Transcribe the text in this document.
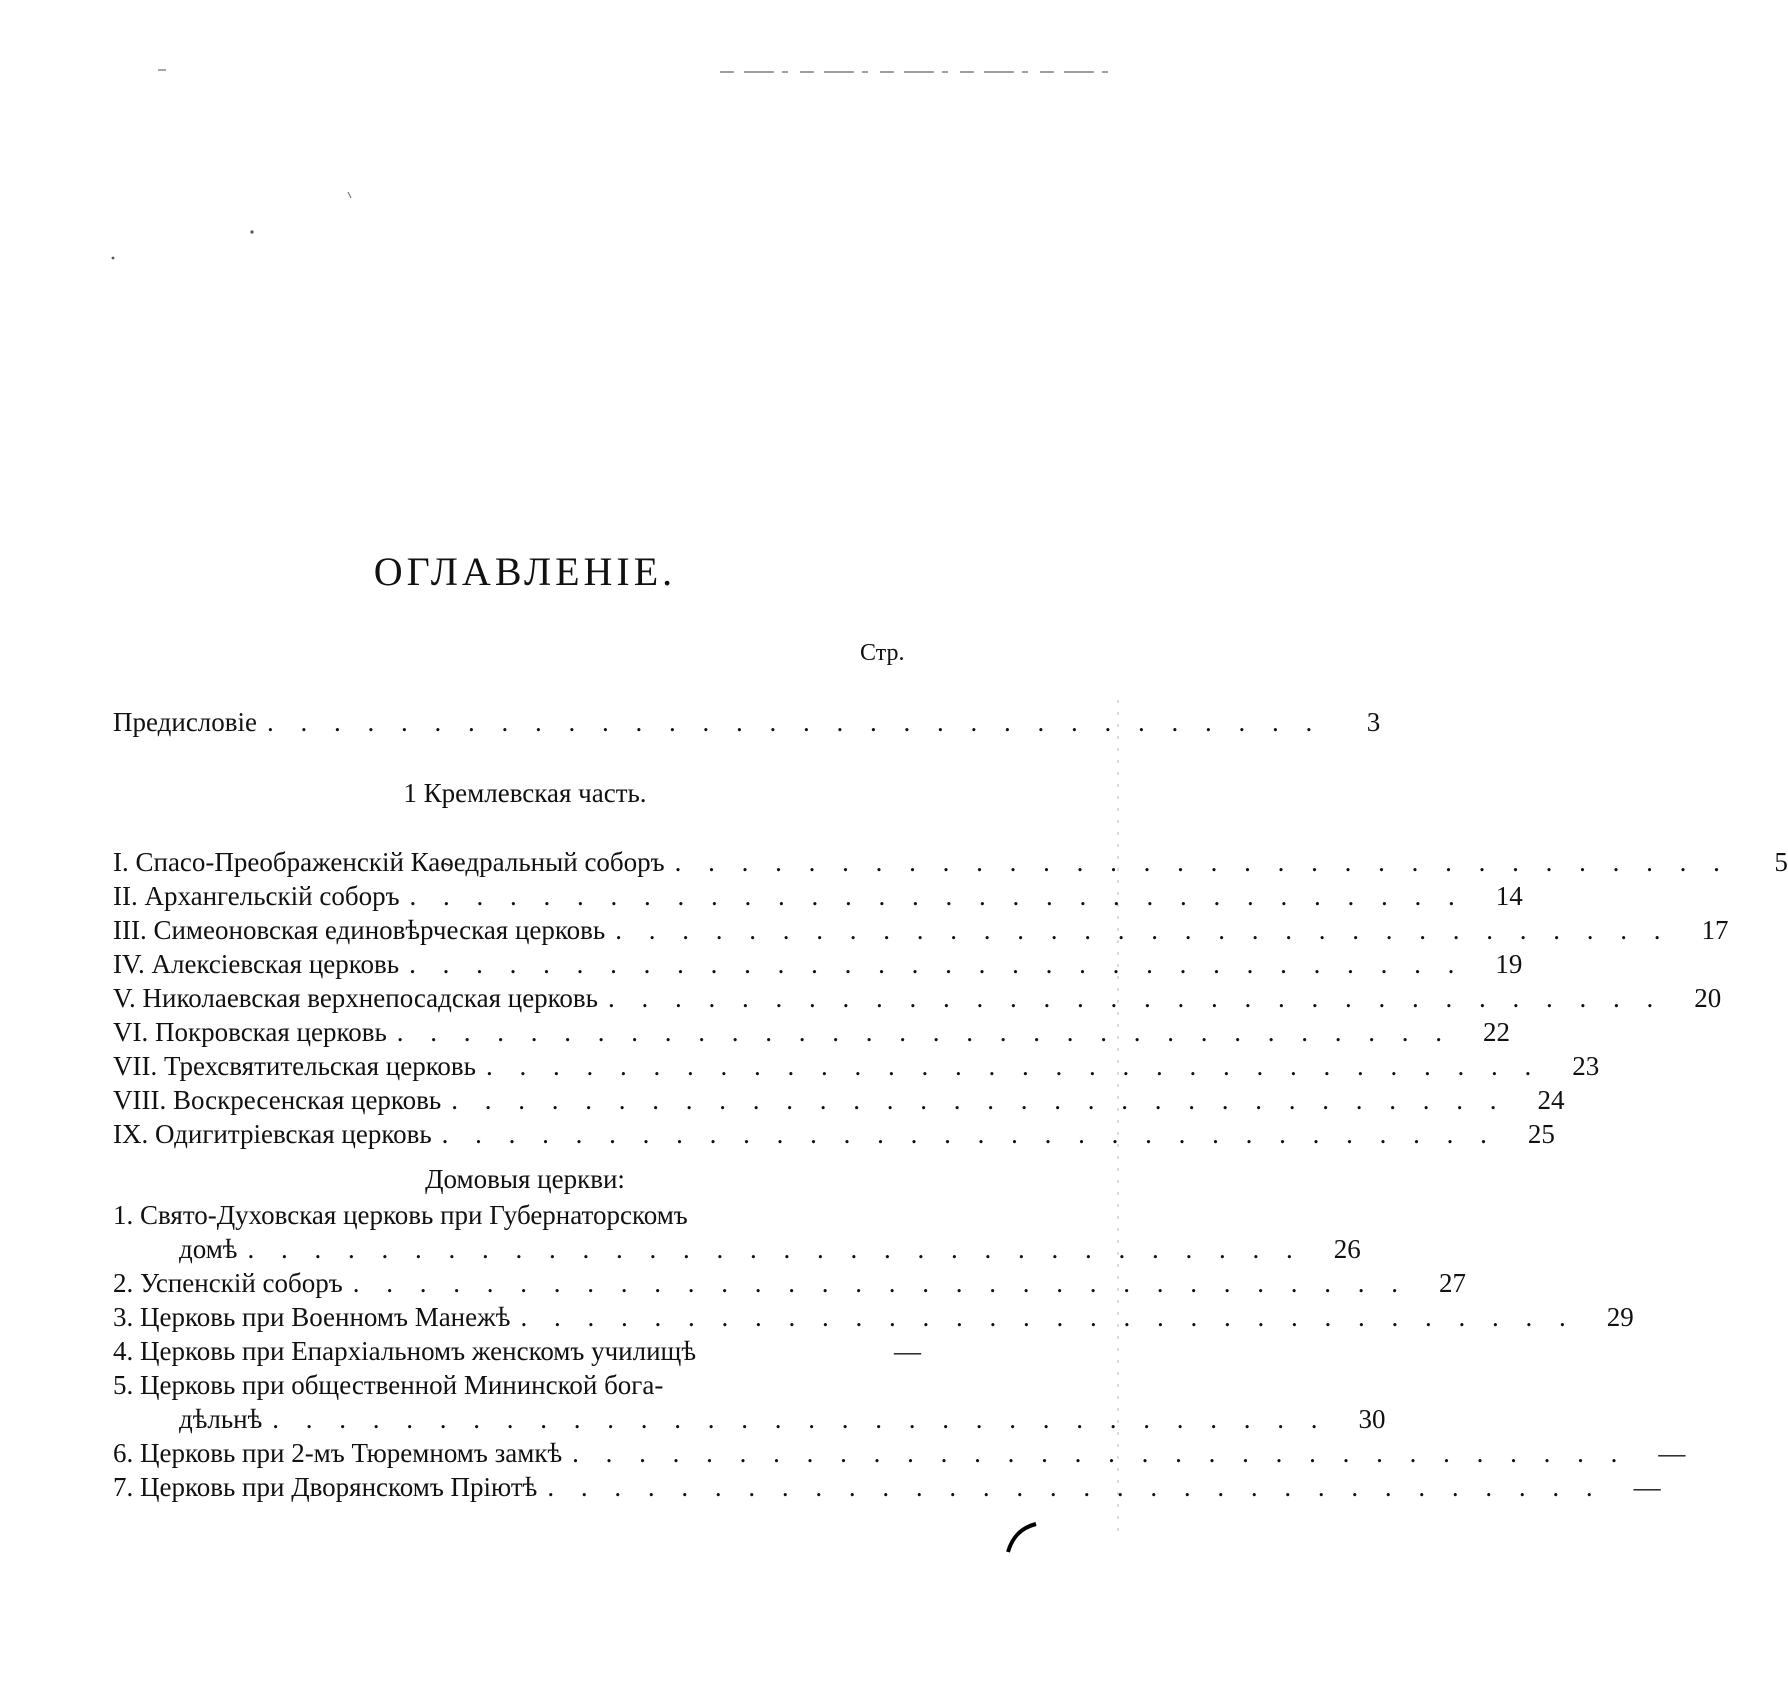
ОГЛАВЛЕНІЕ.
Стр.
Предисловіе . . . . . . . . . . . . . . . . . . . . . . . . . . . . . . . .	3
1 Кремлевская часть.
I. Спасо-Преображенскій Каѳедральный соборъ . . . . . . . . . . . . . . . . . . . . . . . . . . . . . . . .	5
II. Архангельскій соборъ . . . . . . . . . . . . . . . . . . . . . . . . . . . . . . . .	14
III. Симеоновская единовѣрческая церковь . . . . . . . . . . . . . . . . . . . . . . . . . . . . . . . .	17
IV. Алексіевская церковь . . . . . . . . . . . . . . . . . . . . . . . . . . . . . . . .	19
V. Николаевская верхнепосадская церковь . . . . . . . . . . . . . . . . . . . . . . . . . . . . . . . .	20
VI. Покровская церковь . . . . . . . . . . . . . . . . . . . . . . . . . . . . . . . .	22
VII. Трехсвятительская церковь . . . . . . . . . . . . . . . . . . . . . . . . . . . . . . . .	23
VIII. Воскресенская церковь . . . . . . . . . . . . . . . . . . . . . . . . . . . . . . . .	24
IX. Одигитріевская церковь . . . . . . . . . . . . . . . . . . . . . . . . . . . . . . . .	25
Домовыя церкви:
1. Свято-Духовская церковь при Губернаторскомъ
домѣ . . . . . . . . . . . . . . . . . . . . . . . . . . . . . . . .	26
2. Успенскій соборъ . . . . . . . . . . . . . . . . . . . . . . . . . . . . . . . .	27
3. Церковь при Военномъ Манежѣ . . . . . . . . . . . . . . . . . . . . . . . . . . . . . . . .	29
4. Церковь при Епархіальномъ женскомъ училищѣ	—
5. Церковь при общественной Мининской бога-
дѣльнѣ . . . . . . . . . . . . . . . . . . . . . . . . . . . . . . . .	30
6. Церковь при 2-мъ Тюремномъ замкѣ . . . . . . . . . . . . . . . . . . . . . . . . . . . . . . . .	—
7. Церковь при Дворянскомъ Пріютѣ . . . . . . . . . . . . . . . . . . . . . . . . . . . . . . . .	—
